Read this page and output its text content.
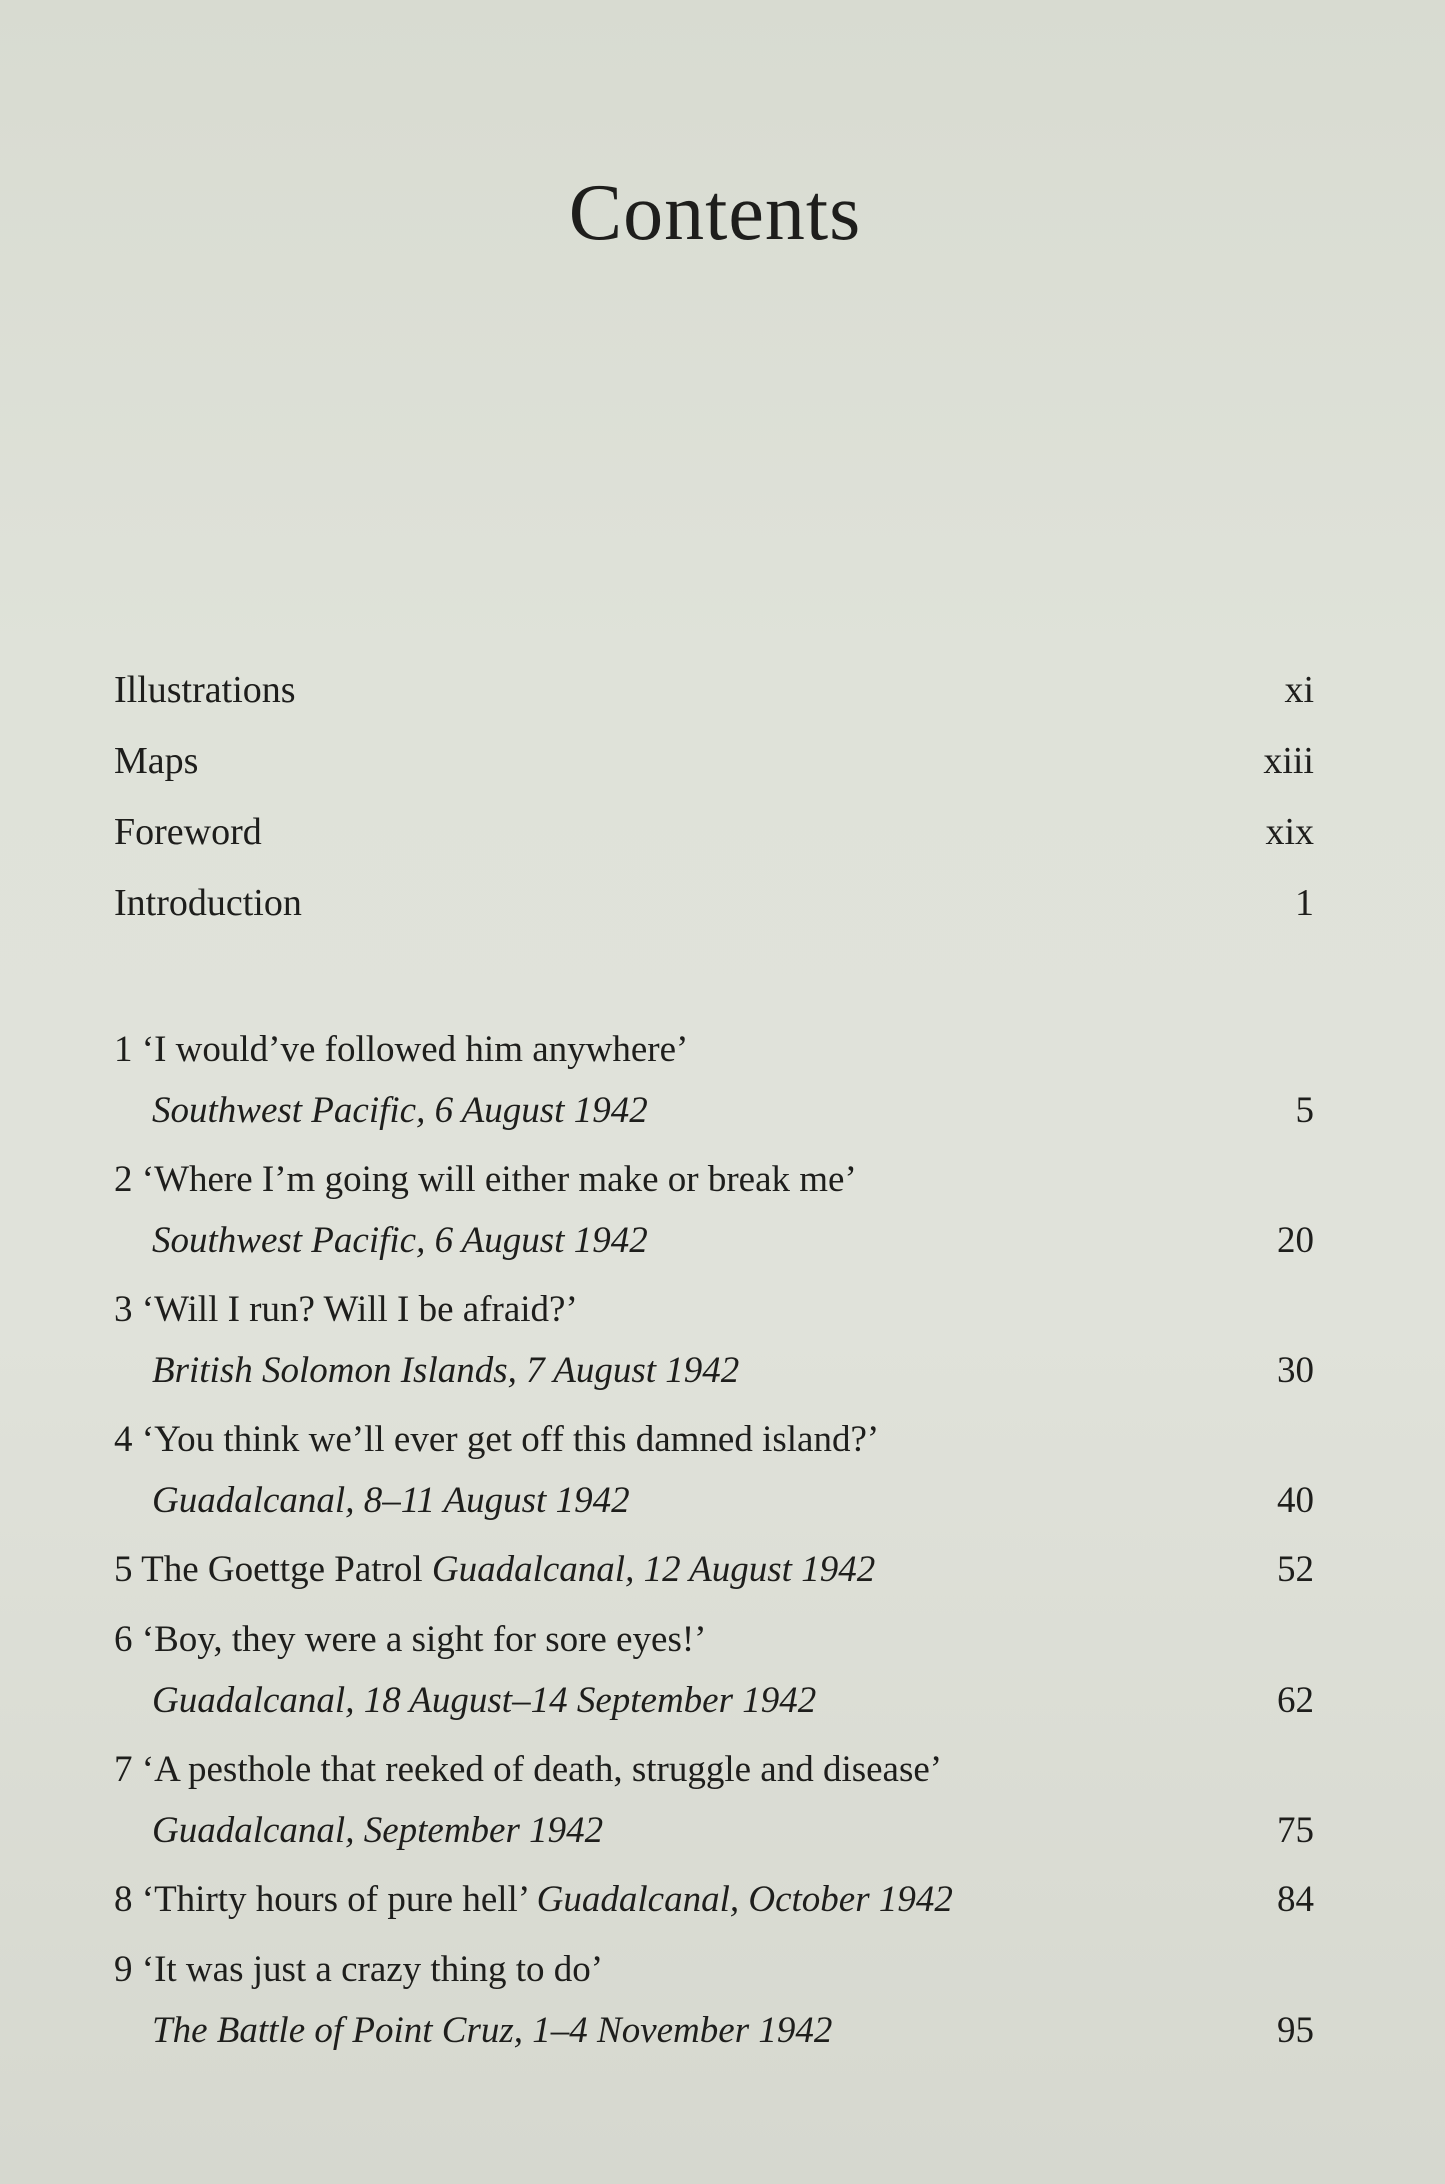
Contents
Illustrations	xi
Maps	xiii
Foreword	xix
Introduction	1
1 ‘I would’ve followed him anywhere’
Southwest Pacific, 6 August 1942	5
2 ‘Where I’m going will either make or break me’
Southwest Pacific, 6 August 1942	20
3 ‘Will I run? Will I be afraid?’
British Solomon Islands, 7 August 1942	30
4 ‘You think we’ll ever get off this damned island?’
Guadalcanal, 8–11 August 1942	40
5 The Goettge Patrol Guadalcanal, 12 August 1942	52
6 ‘Boy, they were a sight for sore eyes!’
Guadalcanal, 18 August–14 September 1942	62
7 ‘A pesthole that reeked of death, struggle and disease’
Guadalcanal, September 1942	75
8 ‘Thirty hours of pure hell’ Guadalcanal, October 1942	84
9 ‘It was just a crazy thing to do’
The Battle of Point Cruz, 1–4 November 1942	95
